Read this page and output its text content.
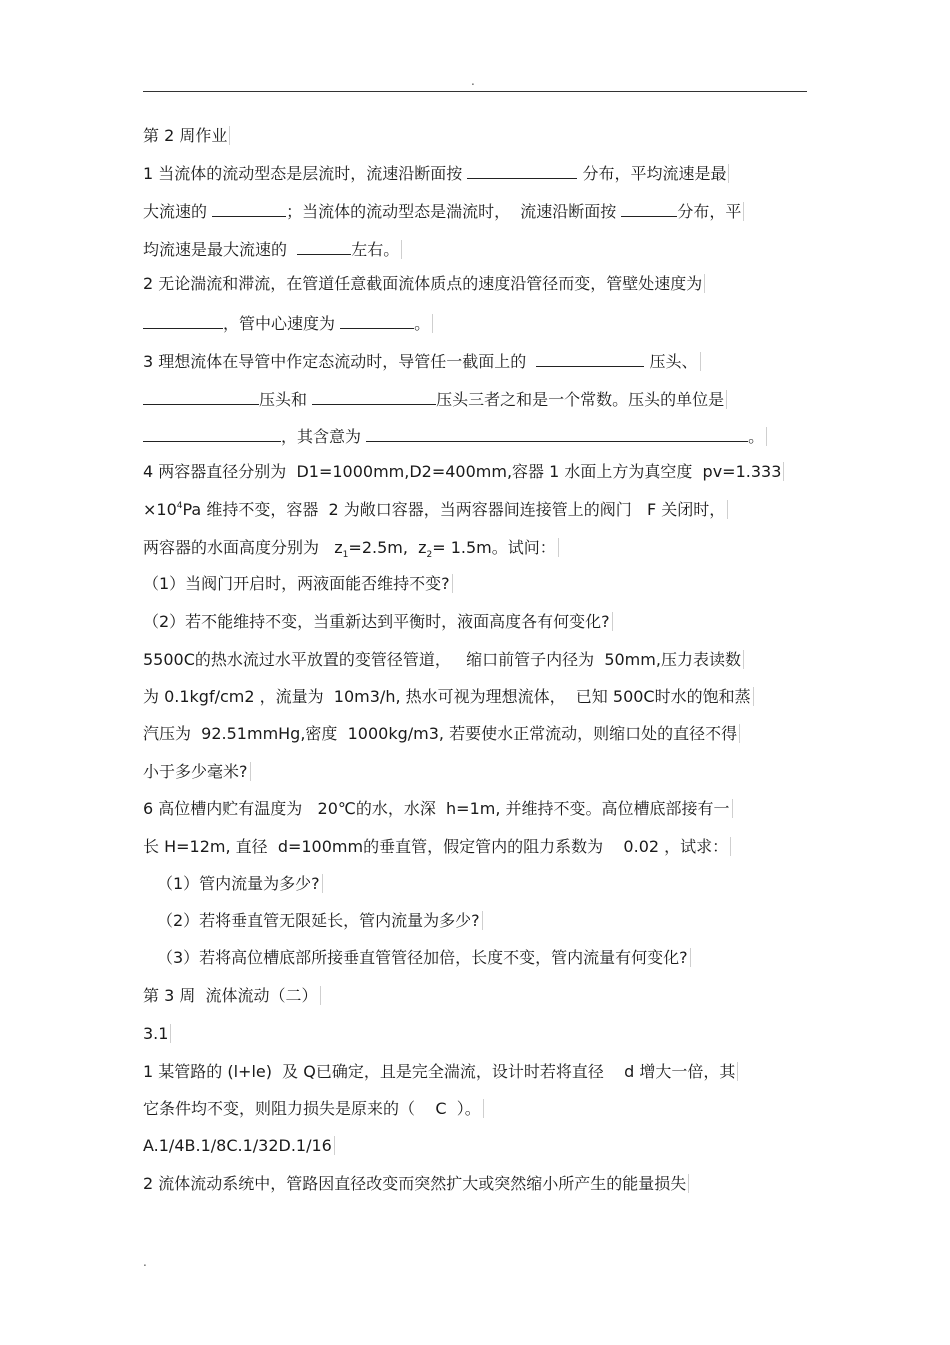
.
第 2 周作业
1 当流体的流动型态是层流时，流速沿断面按	分布，平均流速是最
大流速的	；当流体的流动型态是湍流时，  流速沿断面按	分布，平
均流速是最大流速的	左右。
2 无论湍流和滞流，在管道任意截面流体质点的速度沿管径而变，管壁处速度为
，管中心速度为	。
3 理想流体在导管中作定态流动时，导管任一截面上的	压头、
压头和	压头三者之和是一个常数。压头的单位是
，其含意为	。
4 两容器直径分别为  D1=1000mm,D2=400mm,容器 1 水面上方为真空度  pv=1.333
$\times 10^4Pa$ 维持不变，容器  2 为敞口容器，当两容器间连接管上的阀门   F 关闭时，
两容器的水面高度分别为   $z_1=2.5m$,  $z_2= 1.5m$。试问：
（1）当阀门开启时，两液面能否维持不变?
（2）若不能维持不变，当重新达到平衡时，液面高度各有何变化?
5500C的热水流过水平放置的变管径管道，   缩口前管子内径为  50mm,压力表读数
为 0.1kgf/cm2 ，流量为  10m3/h, 热水可视为理想流体，  已知 500C时水的饱和蒸
汽压为  92.51mmHg,密度  1000kg/m3, 若要使水正常流动，则缩口处的直径不得
小于多少毫米?
6 高位槽内贮有温度为   20℃的水，水深  h=1m, 并维持不变。高位槽底部接有一
长 H=12m, 直径  d=100mm的垂直管，假定管内的阻力系数为    0.02 ，试求：
（1）管内流量为多少?
（2）若将垂直管无限延长，管内流量为多少?
（3）若将高位槽底部所接垂直管管径加倍，长度不变，管内流量有何变化?
第 3 周  流体流动（二）
3.1
1 某管路的 (l+le)  及 Q已确定，且是完全湍流，设计时若将直径    d 增大一倍，其
它条件均不变，则阻力损失是原来的（    C  ）。
A.1/4B.1/8C.1/32D.1/16
2 流体流动系统中，管路因直径改变而突然扩大或突然缩小所产生的能量损失
.
